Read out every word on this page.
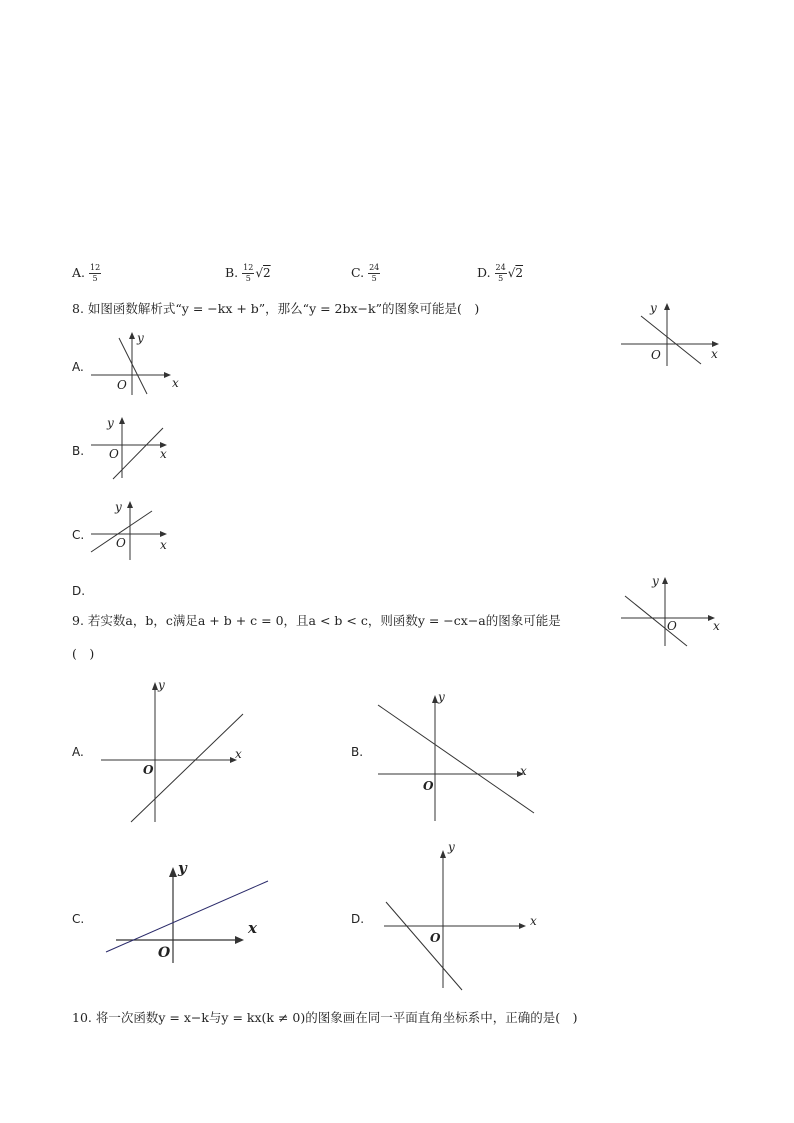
A. $\frac{12}{5}$	B. $\frac{12}{5} √2$	C. $\frac{24}{5}$	D. $\frac{24}{5} √2$
8. 如图函数解析式“y = −kx + b”，那么“y = 2bx−k”的图象可能是(　)	y
x
O
A.
y
x
O
B.
y
x
O
C.
y
x
O
D.
y
x
O
9. 若实数a，b，c满足a + b + c = 0，且a < b < c，则函数y = −cx−a的图象可能是
(　)
A.
y
x
O
B.
y
x
O
C.
y
x
O
D.
y
x
O
10. 将一次函数y = x−k与y = kx(k ≠ 0)的图象画在同一平面直角坐标系中，正确的是(　)
